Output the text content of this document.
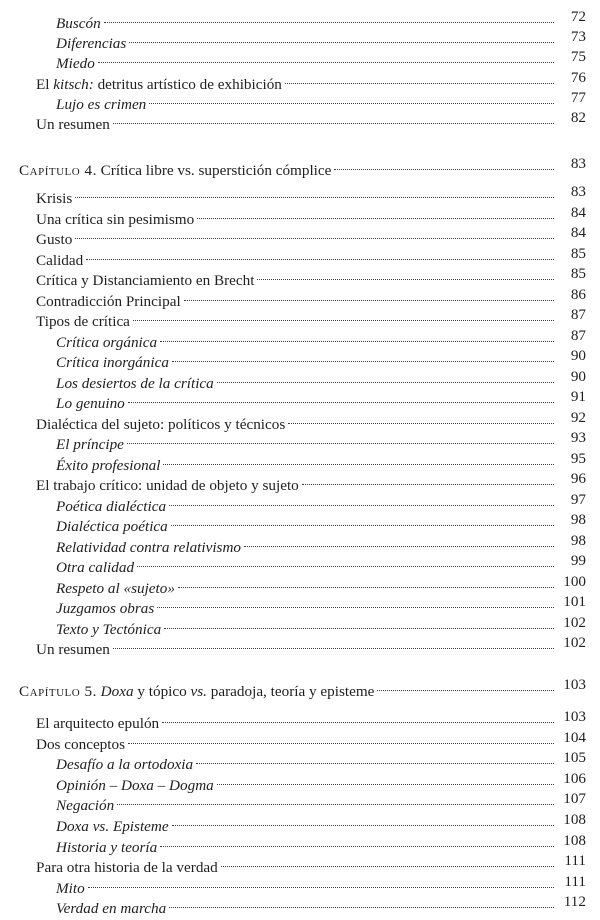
Buscón	72
Diferencias	73
Miedo	75
El kitsch: detritus artístico de exhibición	76
Lujo es crimen	77
Un resumen	82
Capítulo 4. Crítica libre vs. superstición cómplice	83
Krisis	83
Una crítica sin pesimismo	84
Gusto	84
Calidad	85
Crítica y Distanciamiento en Brecht	85
Contradicción Principal	86
Tipos de crítica	87
Crítica orgánica	87
Crítica inorgánica	90
Los desiertos de la crítica	90
Lo genuino	91
Dialéctica del sujeto: políticos y técnicos	92
El príncipe	93
Éxito profesional	95
El trabajo crítico: unidad de objeto y sujeto	96
Poética dialéctica	97
Dialéctica poética	98
Relatividad contra relativismo	98
Otra calidad	99
Respeto al «sujeto»	100
Juzgamos obras	101
Texto y Tectónica	102
Un resumen	102
Capítulo 5. Doxa y tópico vs. paradoja, teoría y episteme	103
El arquitecto epulón	103
Dos conceptos	104
Desafío a la ortodoxia	105
Opinión – Doxa – Dogma	106
Negación	107
Doxa vs. Episteme	108
Historia y teoría	108
Para otra historia de la verdad	111
Mito	111
Verdad en marcha	112
